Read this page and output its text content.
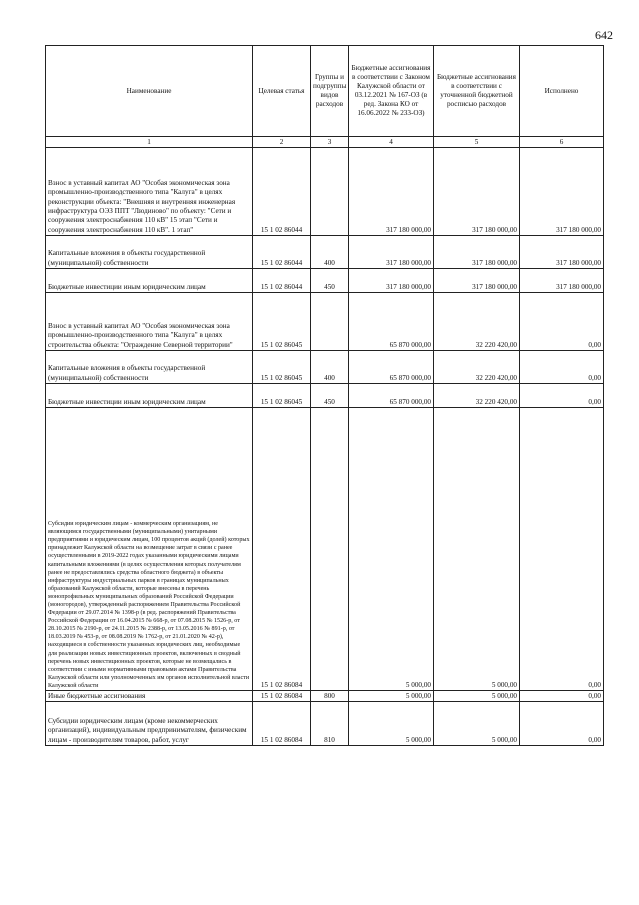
642
Наименование	Целевая статья	Группы и подгруппы видов расходов	Бюджетные ассигнования в соответствии с Законом Калужской области от 03.12.2021 № 167-ОЗ (в ред. Закона КО от 16.06.2022 № 233-ОЗ)	Бюджетные ассигнования в соответствии с уточненной бюджетной росписью расходов	Исполнено
1	2	3	4	5	6
Взнос в уставный капитал АО "Особая экономическая зона промышленно-производственного типа "Калуга" в целях реконструкции объекта: "Внешняя и внутренняя инженерная инфраструктура ОЭЗ ППТ "Людиново" по объекту: "Сети и сооружения электроснабжения 110 кВ" 15 этап "Сети и сооружения электроснабжения 110 кВ". 1 этап"	15 1 02 86044		317 180 000,00	317 180 000,00	317 180 000,00
Капитальные вложения в объекты государственной (муниципальной) собственности	15 1 02 86044	400	317 180 000,00	317 180 000,00	317 180 000,00
Бюджетные инвестиции иным юридическим лицам	15 1 02 86044	450	317 180 000,00	317 180 000,00	317 180 000,00
Взнос в уставный капитал АО "Особая экономическая зона промышленно-производственного типа "Калуга" в целях строительства объекта: "Ограждение Северной территории"	15 1 02 86045		65 870 000,00	32 220 420,00	0,00
Капитальные вложения в объекты государственной (муниципальной) собственности	15 1 02 86045	400	65 870 000,00	32 220 420,00	0,00
Бюджетные инвестиции иным юридическим лицам	15 1 02 86045	450	65 870 000,00	32 220 420,00	0,00
Субсидии юридическим лицам - коммерческим организациям, не являющимся государственными (муниципальными) унитарными предприятиями и юридическим лицам, 100 процентов акций (долей) которых принадлежит Калужской области на возмещение затрат в связи с ранее осуществленными в 2019-2022 годах указанными юридическими лицами капитальными вложениями (в целях осуществления которых получателям ранее не предоставлялись средства областного бюджета) в объекты инфраструктуры индустриальных парков в границах муниципальных образований Калужской области, которые внесены в перечень монопрофильных муниципальных образований Российской Федерации (моногородов), утвержденный распоряжением Правительства Российской Федерации от 29.07.2014 № 1398-р (в ред. распоряжений Правительства Российской Федерации от 16.04.2015 № 668-р, от 07.08.2015 № 1526-р, от 28.10.2015 № 2190-р, от 24.11.2015 № 2388-р, от 13.05.2016 № 891-р, от 18.03.2019 № 453-р, от 08.08.2019 № 1762-р, от 21.01.2020 № 42-р), находящиеся в собственности указанных юридических лиц, необходимые для реализации новых инвестиционных проектов, включенных в сводный перечень новых инвестиционных проектов, которые не возмещались в соответствии с иными нормативными правовыми актами Правительства Калужской области или уполномоченных им органов исполнительной власти Калужской области	15 1 02 86084		5 000,00	5 000,00	0,00
Иные бюджетные ассигнования	15 1 02 86084	800	5 000,00	5 000,00	0,00
Субсидии юридическим лицам (кроме некоммерческих организаций), индивидуальным предпринимателям, физическим лицам - производителям товаров, работ, услуг	15 1 02 86084	810	5 000,00	5 000,00	0,00
